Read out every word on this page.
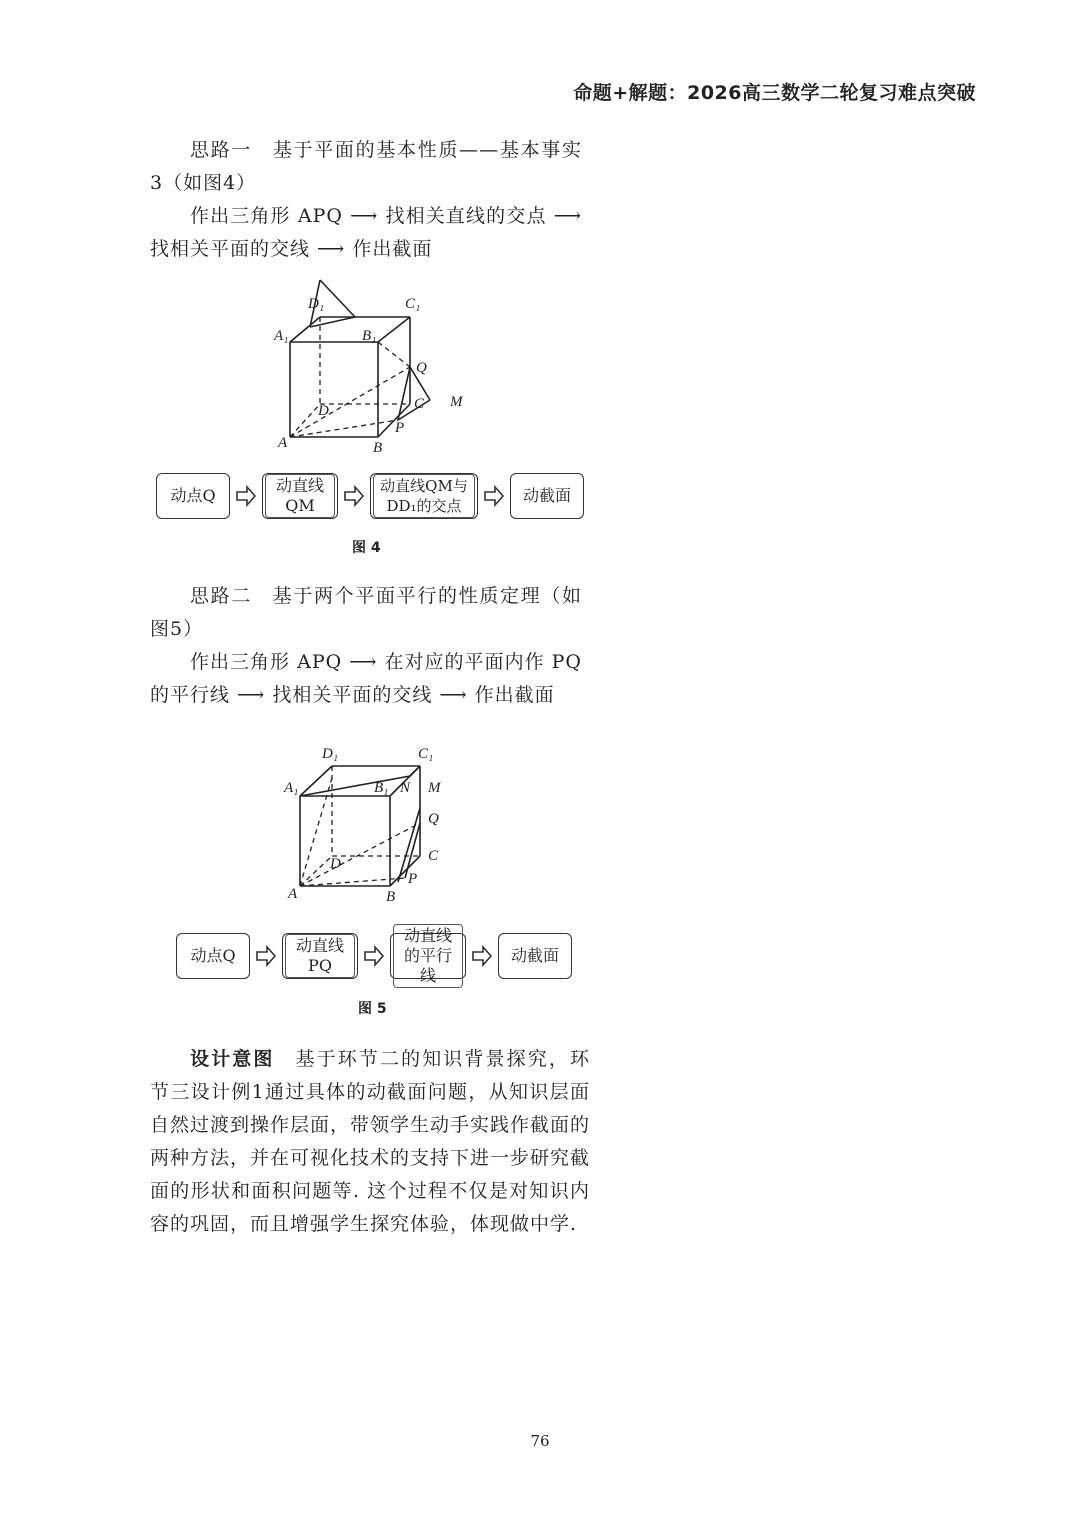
命题+解题：2026高三数学二轮复习难点突破
思路一　基于平面的基本性质——基本事实3（如图4）
作出三角形 APQ ⟶ 找相关直线的交点 ⟶ 找相关平面的交线 ⟶ 作出截面
D₁	C₁
A₁	B₁
Q
D	C M
P
A	B
动点Q
动直线QM
动直线QM与DD₁的交点
动截面
图 4
思路二　基于两个平面平行的性质定理（如图5）
作出三角形 APQ ⟶ 在对应的平面内作 PQ 的平行线 ⟶ 找相关平面的交线 ⟶ 作出截面
D₁	C₁
A₁	B₁ N M
Q
D	C
P
A	B
动点Q
动直线PQ
动直线的平行线
动截面
图 5
设计意图　 基于环节二的知识背景探究，环节三设计例1通过具体的动截面问题，从知识层面自然过渡到操作层面，带领学生动手实践作截面的两种方法，并在可视化技术的支持下进一步研究截面的形状和面积问题等. 这个过程不仅是对知识内容的巩固，而且增强学生探究体验，体现做中学.
76
